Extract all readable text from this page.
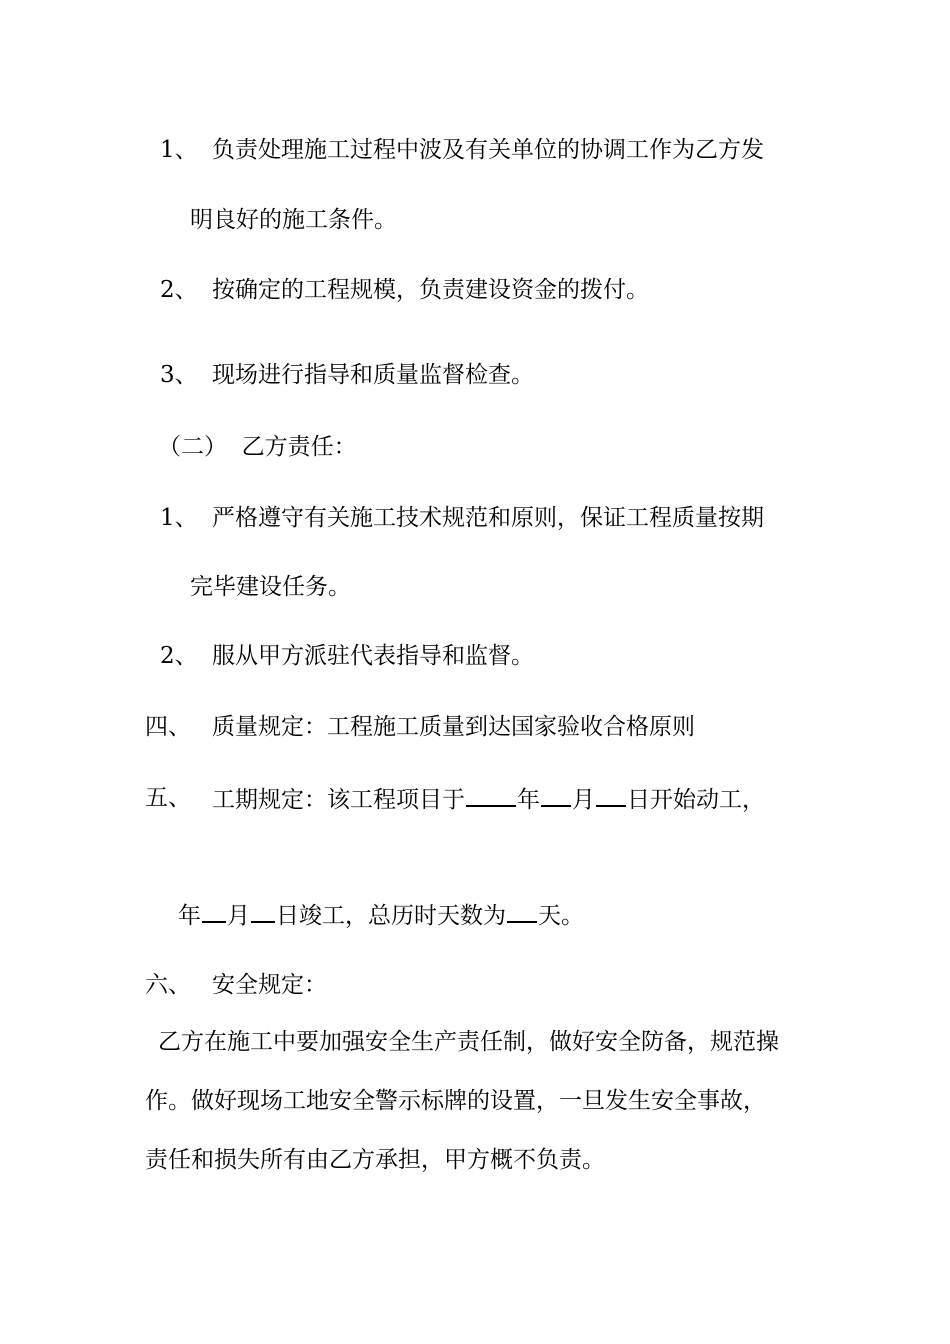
1、 负责处理施工过程中波及有关单位的协调工作为乙方发
明良好的施工条件。
2、 按确定的工程规模，负责建设资金的拨付。
3、 现场进行指导和质量监督检查。
（二）  乙方责任：
1、 严格遵守有关施工技术规范和原则，保证工程质量按期
完毕建设任务。
2、 服从甲方派驻代表指导和监督。
四、 质量规定：工程施工质量到达国家验收合格原则
五、 工期规定：该工程项目于 年 月 日开始动工，
年 月 日竣工，总历时天数为 天。
六、 安全规定：
乙方在施工中要加强安全生产责任制，做好安全防备，规范操
作。做好现场工地安全警示标牌的设置，一旦发生安全事故，
责任和损失所有由乙方承担，甲方概不负责。
